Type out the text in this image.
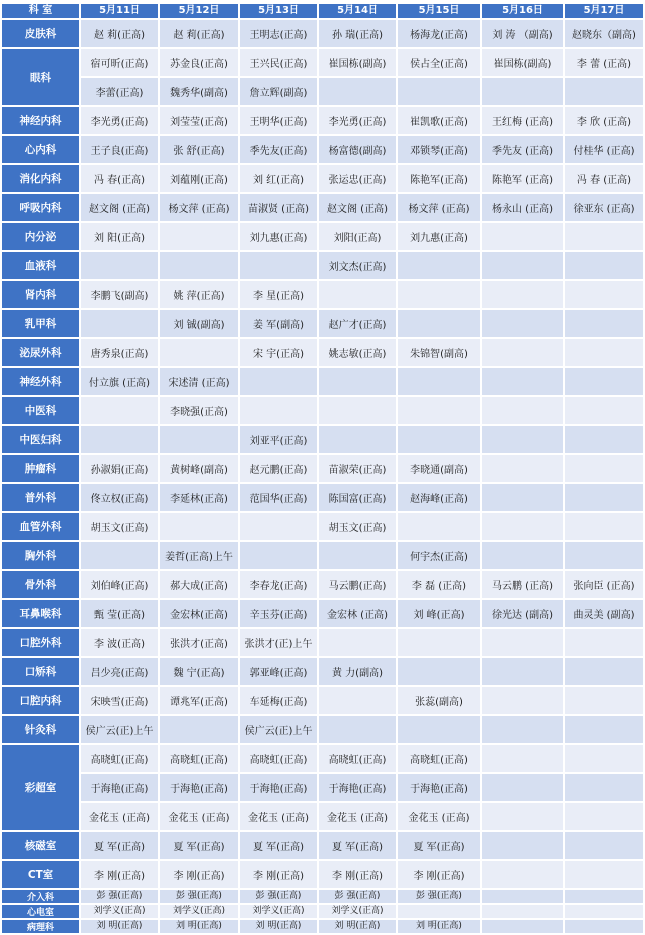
科 室	5月11日	5月12日	5月13日	5月14日	5月15日	5月16日	5月17日
皮肤科	赵 莉(正高)	赵 莉(正高)	王明志(正高)	孙 瑞(正高)	杨海龙(正高)	刘 涛 （副高)	赵晓东（副高)
眼科	宿可昕(正高)	苏金良(正高)	王兴民(正高)	崔国栋(副高)	侯占全(正高)	崔国栋(副高)	李 蕾 (正高)
	李蕾(正高)	魏秀华(副高)	詹立辉(副高)				
神经内科	李光勇(正高)	刘莹莹(正高)	王明华(正高)	李光勇(正高)	崔凯歌(正高)	王红梅 (正高)	李 欣 (正高)
心内科	王子良(正高)	张 舒(正高)	季先友(正高)	杨富德(副高)	邓锁琴(正高)	季先友 (正高)	付桂华 (正高)
消化内科	冯 春(正高)	刘蕴刚(正高)	刘 红(正高)	张运忠(正高)	陈艳军(正高)	陈艳军 (正高)	冯 春 (正高)
呼吸内科	赵文阁 (正高)	杨文萍 (正高)	苗淑贤 (正高)	赵文阁 (正高)	杨文萍 (正高)	杨永山 (正高)	徐亚东 (正高)
内分泌	刘 阳(正高)		刘九惠(正高)	刘阳(正高)	刘九惠(正高)		
血液科				刘文杰(正高)			
肾内科	李鹏飞(副高)	姚 萍(正高)	李 星(正高)				
乳甲科		刘 铖(副高)	姜 军(副高)	赵广才(正高)			
泌尿外科	唐秀泉(正高)		宋 宇(正高)	姚志敏(正高)	朱锦智(副高)		
神经外科	付立旗 (正高)	宋述清 (正高)					
中医科		李晓强(正高)					
中医妇科			刘亚平(正高)				
肿瘤科	孙淑娟(正高)	黄树峰(副高)	赵元鹏(正高)	苗淑荣(正高)	李晓通(副高)		
普外科	佟立权(正高)	李延林(正高)	范国华(正高)	陈国富(正高)	赵海峰(正高)		
血管外科	胡玉文(正高)			胡玉文(正高)			
胸外科		姜哲(正高)上午			何宇杰(正高)		
骨外科	刘伯峰(正高)	郝大成(正高)	李春龙(正高)	马云鹏(正高)	李 磊 (正高)	马云鹏 (正高)	张向臣 (正高)
耳鼻喉科	甄 莹(正高)	金宏林(正高)	辛玉芬(正高)	金宏林 (正高)	刘 峰(正高)	徐光达 (副高)	曲灵美 (副高)
口腔外科	李 波(正高)	张洪才(正高)	张洪才(正)上午				
口矫科	吕少亮(正高)	魏 宁(正高)	郭亚峰(正高)	黄 力(副高)			
口腔内科	宋映雪(正高)	谭兆军(正高)	车延梅(正高)		张蕊(副高)		
针灸科	侯广云(正)上午		侯广云(正)上午				
彩超室	高晓虹(正高)	高晓虹(正高)	高晓虹(正高)	高晓虹(正高)	高晓虹(正高)		
	于海艳(正高)	于海艳(正高)	于海艳(正高)	于海艳(正高)	于海艳(正高)		
	金花玉 (正高)	金花玉 (正高)	金花玉 (正高)	金花玉 (正高)	金花玉 (正高)		
核磁室	夏 军(正高)	夏 军(正高)	夏 军(正高)	夏 军(正高)	夏 军(正高)		
CT室	李 刚(正高)	李 刚(正高)	李 刚(正高)	李 刚(正高)	李 刚(正高)		
介入科	彭 强(正高)	彭 强(正高)	彭 强(正高)	彭 强(正高)	彭 强(正高)		
心电室	刘学义(正高)	刘学义(正高)	刘学义(正高)	刘学义(正高)			
病理科	刘 明(正高)	刘 明(正高)	刘 明(正高)	刘 明(正高)	刘 明(正高)		
